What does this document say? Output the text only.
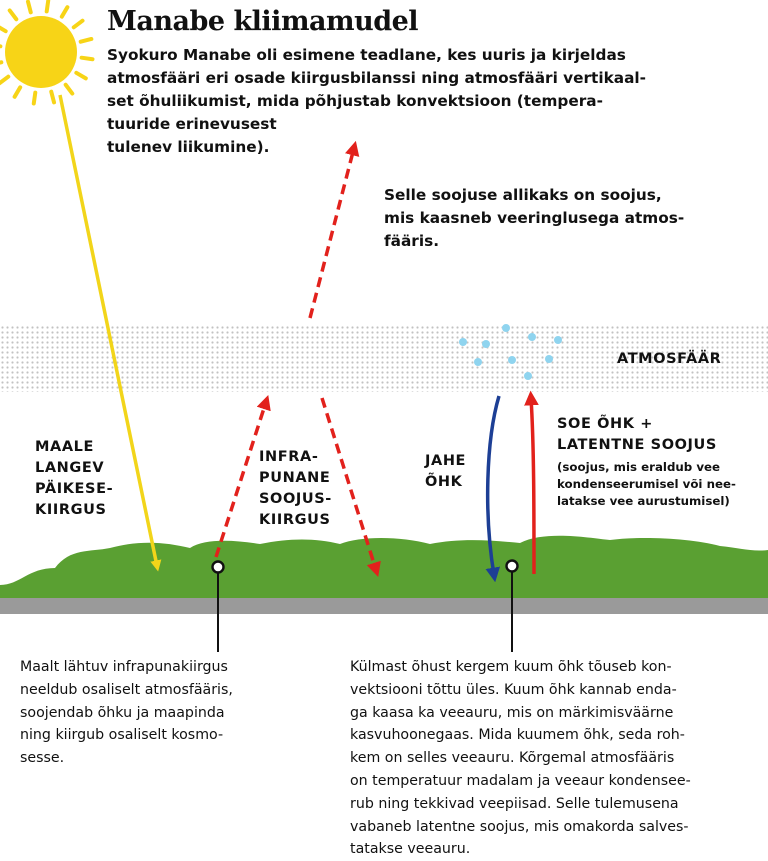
Manabe kliimamudel

Syokuro Manabe oli esimene teadlane, kes uuris ja kirjeldas
atmosfääri eri osade kiirgusbilanssi ning atmosfääri vertikaal-
set õhuliikumist, mida põhjustab konvektsioon (tempera-
tuuride erinevusest
tulenev liikumine).

Selle soojuse allikaks on soojus,
mis kaasneb veeringlusega atmos-
fääris.

ATMOSFÄÄR

MAALE
LANGEV
PÄIKESE-
KIIRGUS

INFRA-
PUNANE
SOOJUS-
KIIRGUS

JAHE
ÕHK

SOE ÕHK +
LATENTNE SOOJUS

(soojus, mis eraldub vee
kondenseerumisel või nee-
latakse vee aurustumisel)

Maalt lähtuv infrapunakiirgus
neeldub osaliselt atmosfääris,
soojendab õhku ja maapinda
ning kiirgub osaliselt kosmo-
sesse.

Külmast õhust kergem kuum õhk tõuseb kon-
vektsiooni tõttu üles. Kuum õhk kannab enda-
ga kaasa ka veeauru, mis on märkimisväärne
kasvuhoonegaas. Mida kuumem õhk, seda roh-
kem on selles veeauru. Kõrgemal atmosfääris
on temperatuur madalam ja veeaur kondensee-
rub ning tekkivad veepiisad. Selle tulemusena
vabaneb latentne soojus, mis omakorda salves-
tatakse veeauru.
